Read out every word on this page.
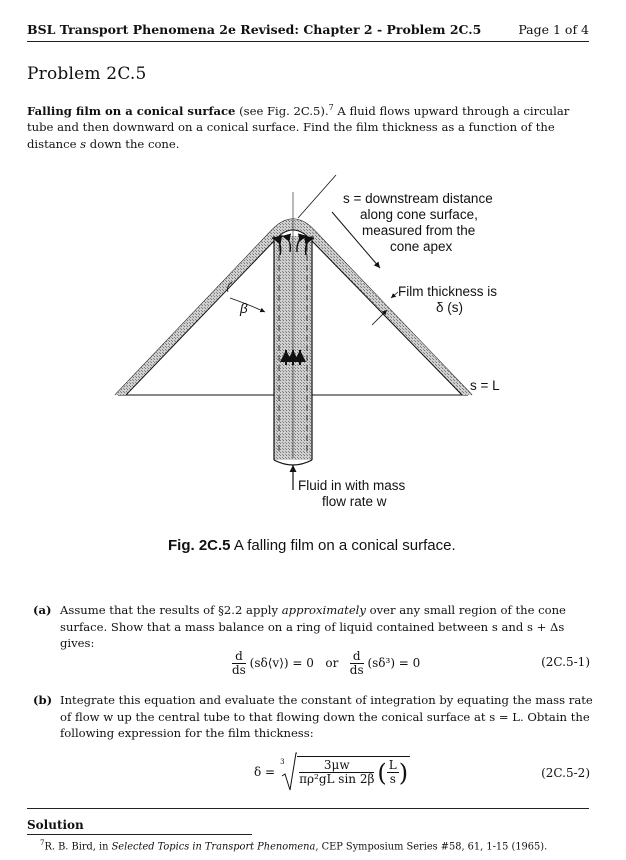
BSL Transport Phenomena 2e Revised: Chapter 2 - Problem 2C.5	Page 1 of 4
Problem 2C.5

Falling film on a conical surface (see Fig. 2C.5).$^7$ A fluid flows upward through a circular tube and then downward on a conical surface. Find the film thickness as a function of the distance s down the cone.

s = downstream distance
along cone surface,
measured from the
cone apex
Film thickness is
δ (s)
β
s = L
Fluid in with mass
flow rate w

Fig. 2C.5 A falling film on a conical surface.

(a) Assume that the results of §2.2 apply approximately over any small region of the cone surface. Show that a mass balance on a ring of liquid contained between s and s + Δs gives:
$\frac{d}{ds}$ (sδ⟨v⟩) = 0 or $\frac{d}{ds} (s\delta^3) = 0$	(2C.5-1)
(b) Integrate this equation and evaluate the constant of integration by equating the mass rate of flow w up the central tube to that flowing down the conical surface at s = L. Obtain the following expression for the film thickness:
δ =
$3 \frac{3\mu w}{\text{πρ²gL sin 2β}}$ ( $\frac{L}{s}$ )	(2C.5-2)
Solution
$^7$R. B. Bird, in Selected Topics in Transport Phenomena, CEP Symposium Series #58, 61, 1-15 (1965).
